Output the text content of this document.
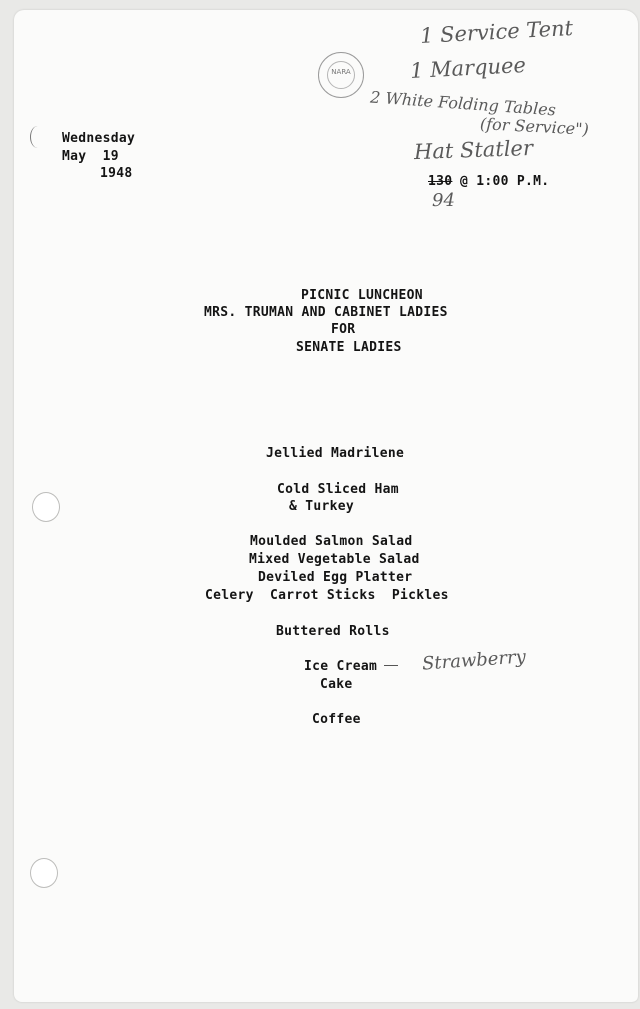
NARA
Wednesday
May  19
1948
1 Service Tent
1 Marquee
2 White Folding Tables
(for Service")
Hat Statler
130 @ 1:00 P.M.
94
PICNIC LUNCHEON
MRS. TRUMAN AND CABINET LADIES
FOR
SENATE LADIES
Jellied Madrilene
Cold Sliced Ham
& Turkey
Moulded Salmon Salad
Mixed Vegetable Salad
Deviled Egg Platter
Celery  Carrot Sticks  Pickles
Buttered Rolls
Ice Cream Strawberry
Cake
Coffee
